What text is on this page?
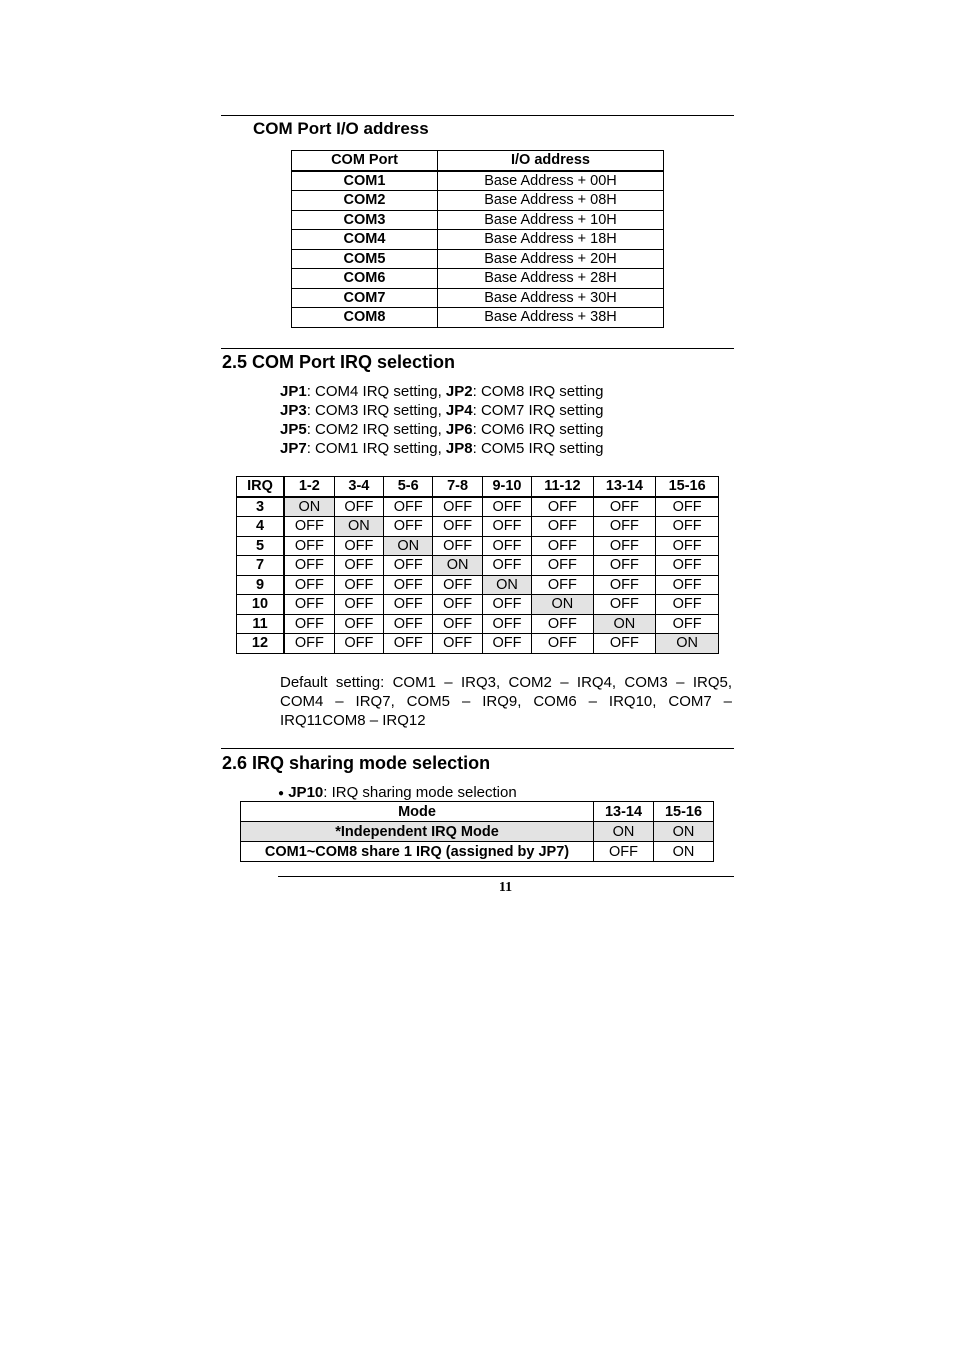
COM Port I/O address
COM Port	I/O address
COM1	Base Address + 00H
COM2	Base Address + 08H
COM3	Base Address + 10H
COM4	Base Address + 18H
COM5	Base Address + 20H
COM6	Base Address + 28H
COM7	Base Address + 30H
COM8	Base Address + 38H
2.5 COM Port IRQ selection
JP1: COM4 IRQ setting, JP2: COM8 IRQ setting
JP3: COM3 IRQ setting, JP4: COM7 IRQ setting
JP5: COM2 IRQ setting, JP6: COM6 IRQ setting
JP7: COM1 IRQ setting, JP8: COM5 IRQ setting
IRQ	1-2	3-4	5-6	7-8	9-10	11-12	13-14	15-16
3	ON	OFF	OFF	OFF	OFF	OFF	OFF	OFF
4	OFF	ON	OFF	OFF	OFF	OFF	OFF	OFF
5	OFF	OFF	ON	OFF	OFF	OFF	OFF	OFF
7	OFF	OFF	OFF	ON	OFF	OFF	OFF	OFF
9	OFF	OFF	OFF	OFF	ON	OFF	OFF	OFF
10	OFF	OFF	OFF	OFF	OFF	ON	OFF	OFF
11	OFF	OFF	OFF	OFF	OFF	OFF	ON	OFF
12	OFF	OFF	OFF	OFF	OFF	OFF	OFF	ON
Default setting: COM1 – IRQ3, COM2 – IRQ4, COM3 – IRQ5, COM4 – IRQ7, COM5 – IRQ9, COM6 – IRQ10, COM7 – IRQ11COM8 – IRQ12
2.6 IRQ sharing mode selection
● JP10: IRQ sharing mode selection
Mode	13-14	15-16
*Independent IRQ Mode	ON	ON
COM1~COM8 share 1 IRQ (assigned by JP7)	OFF	ON
11
